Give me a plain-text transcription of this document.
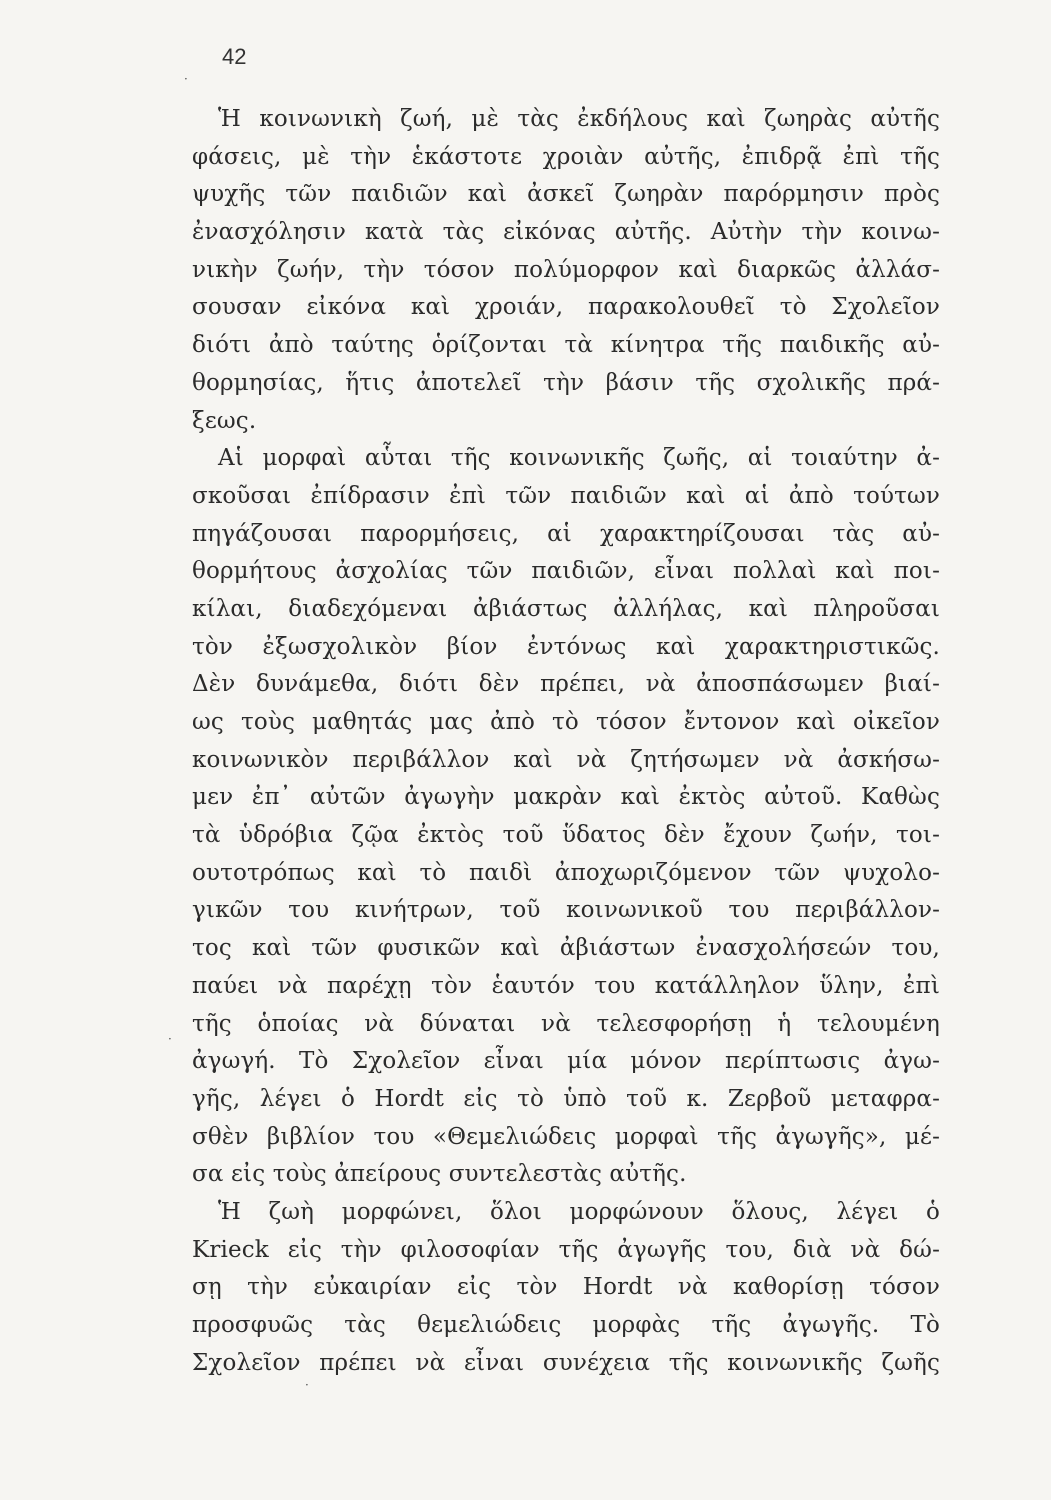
42
·
·
·
Ἡ κοινωνικὴ ζωή, μὲ τὰς ἐκδήλους καὶ ζωηρὰς αὐτῆς
φάσεις, μὲ τὴν ἑκάστοτε χροιὰν αὐτῆς, ἐπιδρᾷ ἐπὶ τῆς
ψυχῆς τῶν παιδιῶν καὶ ἀσκεῖ ζωηρὰν παρόρμησιν πρὸς
ἐνασχόλησιν κατὰ τὰς εἰκόνας αὐτῆς. Αὐτὴν τὴν κοινω-
νικὴν ζωήν, τὴν τόσον πολύμορφον καὶ διαρκῶς ἀλλάσ-
σουσαν εἰκόνα καὶ χροιάν, παρακολουθεῖ τὸ Σχολεῖον
διότι ἀπὸ ταύτης ὁρίζονται τὰ κίνητρα τῆς παιδικῆς αὐ-
θορμησίας, ἥτις ἀποτελεῖ τὴν βάσιν τῆς σχολικῆς πρά-
ξεως.
Αἱ μορφαὶ αὗται τῆς κοινωνικῆς ζωῆς, αἱ τοιαύτην ἀ-
σκοῦσαι ἐπίδρασιν ἐπὶ τῶν παιδιῶν καὶ αἱ ἀπὸ τούτων
πηγάζουσαι παρορμήσεις, αἱ χαρακτηρίζουσαι τὰς αὐ-
θορμήτους ἀσχολίας τῶν παιδιῶν, εἶναι πολλαὶ καὶ ποι-
κίλαι, διαδεχόμεναι ἀβιάστως ἀλλήλας, καὶ πληροῦσαι
τὸν ἐξωσχολικὸν βίον ἐντόνως καὶ χαρακτηριστικῶς.
Δὲν δυνάμεθα, διότι δὲν πρέπει, νὰ ἀποσπάσωμεν βιαί-
ως τοὺς μαθητάς μας ἀπὸ τὸ τόσον ἔντονον καὶ οἰκεῖον
κοινωνικὸν περιβάλλον καὶ νὰ ζητήσωμεν νὰ ἀσκήσω-
μεν ἐπ᾽ αὐτῶν ἀγωγὴν μακρὰν καὶ ἐκτὸς αὐτοῦ. Καθὼς
τὰ ὑδρόβια ζῷα ἐκτὸς τοῦ ὕδατος δὲν ἔχουν ζωήν, τοι-
ουτοτρόπως καὶ τὸ παιδὶ ἀποχωριζόμενον τῶν ψυχολο-
γικῶν του κινήτρων, τοῦ κοινωνικοῦ του περιβάλλον-
τος καὶ τῶν φυσικῶν καὶ ἀβιάστων ἐνασχολήσεών του,
παύει νὰ παρέχῃ τὸν ἑαυτόν του κατάλληλον ὕλην, ἐπὶ
τῆς ὁποίας νὰ δύναται νὰ τελεσφορήσῃ ἡ τελουμένη
ἀγωγή. Τὸ Σχολεῖον εἶναι μία μόνον περίπτωσις ἀγω-
γῆς, λέγει ὁ Hordt εἰς τὸ ὑπὸ τοῦ κ. Ζερβοῦ μεταφρα-
σθὲν βιβλίον του «Θεμελιώδεις μορφαὶ τῆς ἀγωγῆς», μέ-
σα εἰς τοὺς ἀπείρους συντελεστὰς αὐτῆς.
Ἡ ζωὴ μορφώνει, ὅλοι μορφώνουν ὅλους, λέγει ὁ
Krieck εἰς τὴν φιλοσοφίαν τῆς ἀγωγῆς του, διὰ νὰ δώ-
σῃ τὴν εὐκαιρίαν εἰς τὸν Hordt νὰ καθορίσῃ τόσον
προσφυῶς τὰς θεμελιώδεις μορφὰς τῆς ἀγωγῆς. Τὸ
Σχολεῖον πρέπει νὰ εἶναι συνέχεια τῆς κοινωνικῆς ζωῆς
